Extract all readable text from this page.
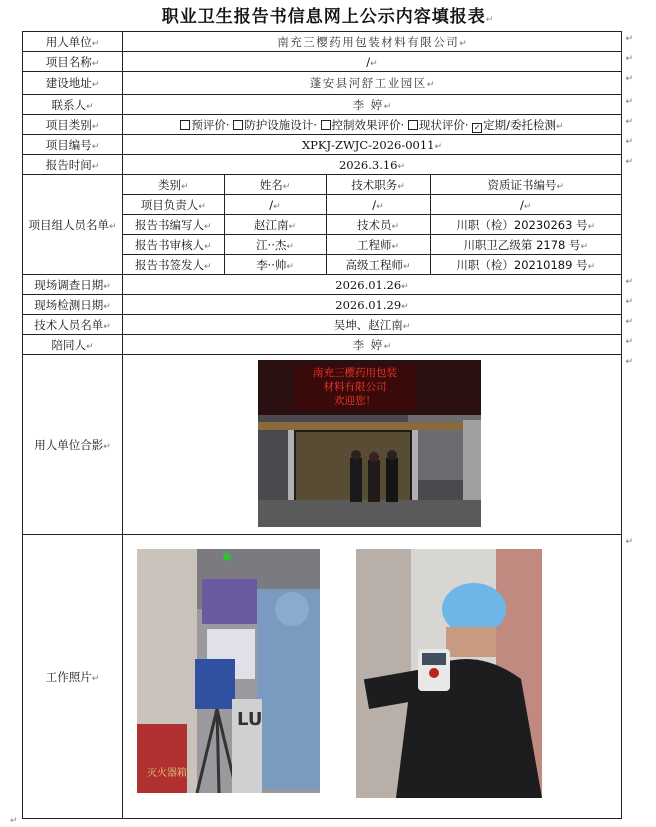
职业卫生报告书信息网上公示内容填报表↵
用人单位↵	南充三樱药用包装材料有限公司↵	↵

项目名称↵	/↵	↵

建设地址↵	蓬安县河舒工业园区↵
↵

联系人↵	李 婷↵	↵

项目类别↵	预评价· 防护设施设计· 控制效果评价· 现状评价· ✓ 定期/委托检测↵	↵

项目编号↵	XPKJ-ZWJC-2026-0011↵	↵

报告时间↵	2026.3.16↵	↵

项目组人员名单↵	
类别↵	姓名↵	技术职务↵	资质证书编号↵
项目负责人↵	/↵	/↵	/↵
报告书编写人↵	赵江南↵	技术员↵	川职（检）20230263 号↵
报告书审核人↵	江··杰↵	工程师↵	川职卫乙级第 2178 号↵
报告书签发人↵	李··帅↵	高级工程师↵	川职（检）20210189 号↵

现场调查日期↵	2026.01.26↵	↵

现场检测日期↵	2026.01.29↵	↵

技术人员名单↵	吴坤、赵江南↵	↵

陪同人↵	李 婷↵	↵

用人单位合影↵	
南充三樱药用包装
材料有限公司
欢迎您！
↵

工作照片↵	
LU
灭火器箱
↵
↵
